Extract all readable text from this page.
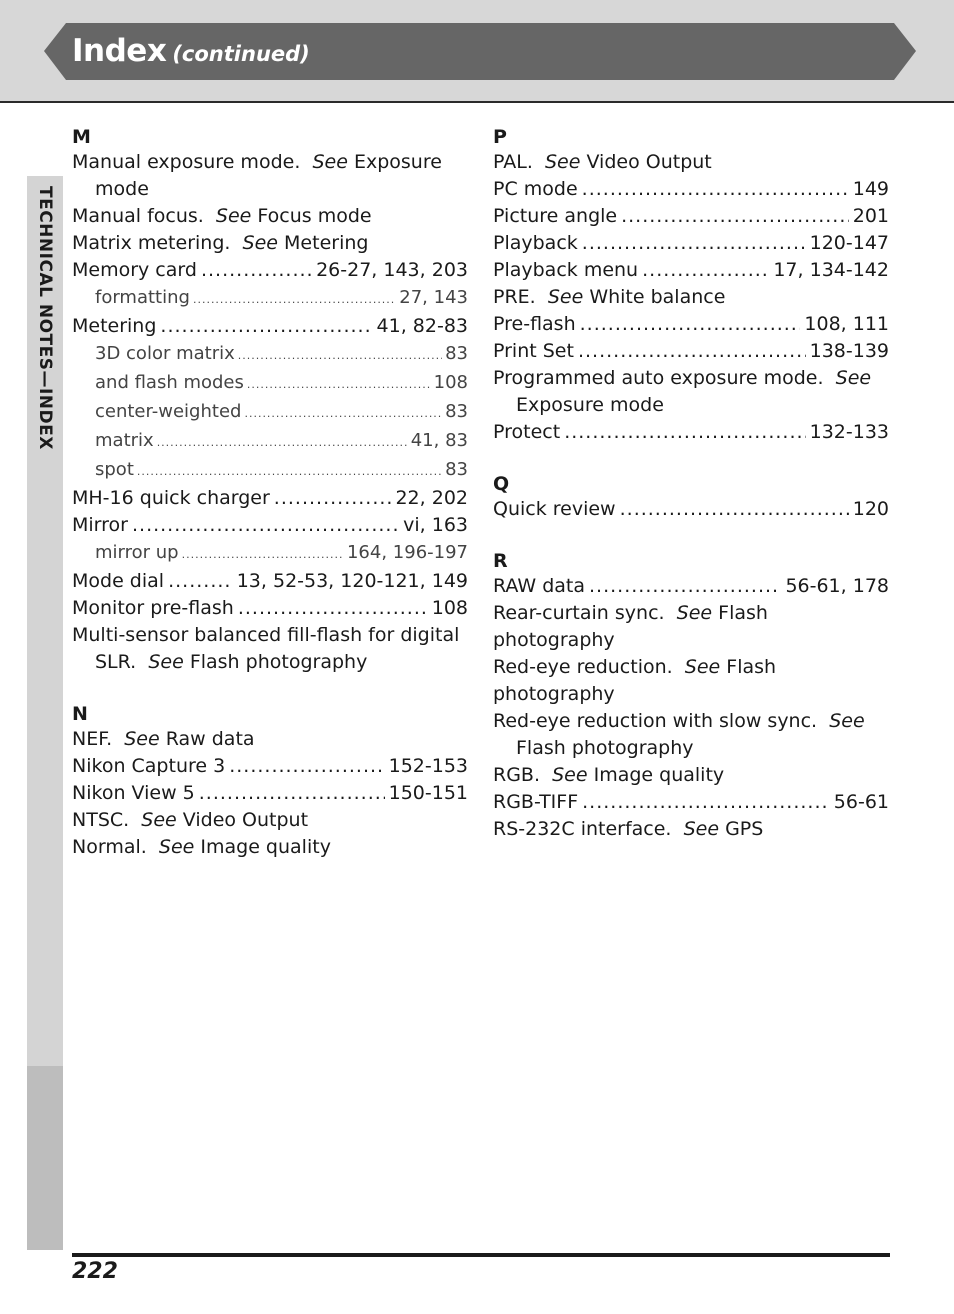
Index (continued)
TECHNICAL NOTES—INDEX
M
Manual exposure mode. See Exposure
mode
Manual focus. See Focus mode
Matrix metering. See Metering
Memory card .....	26-27, 143, 203
formatting .....	27, 143
Metering .....	41, 82-83
3D color matrix .....	83
and flash modes .....	108
center-weighted .....	83
matrix .....	41, 83
spot .....	83
MH-16 quick charger .....	22, 202
Mirror .....	vi, 163
mirror up .....	164, 196-197
Mode dial .....	13, 52-53, 120-121, 149
Monitor pre-flash .....	108
Multi-sensor balanced fill-flash for digital
SLR. See Flash photography
N
NEF. See Raw data
Nikon Capture 3 .....	152-153
Nikon View 5 .....	150-151
NTSC. See Video Output
Normal. See Image quality
P
PAL. See Video Output
PC mode .....	149
Picture angle .....	201
Playback .....	120-147
Playback menu .....	17, 134-142
PRE. See White balance
Pre-flash .....	108, 111
Print Set .....	138-139
Programmed auto exposure mode. See
Exposure mode
Protect .....	132-133
Q
Quick review .....	120
R
RAW data .....	56-61, 178
Rear-curtain sync. See Flash photography
Red-eye reduction. See Flash photography
Red-eye reduction with slow sync. See
Flash photography
RGB. See Image quality
RGB-TIFF .....	56-61
RS-232C interface. See GPS
222
